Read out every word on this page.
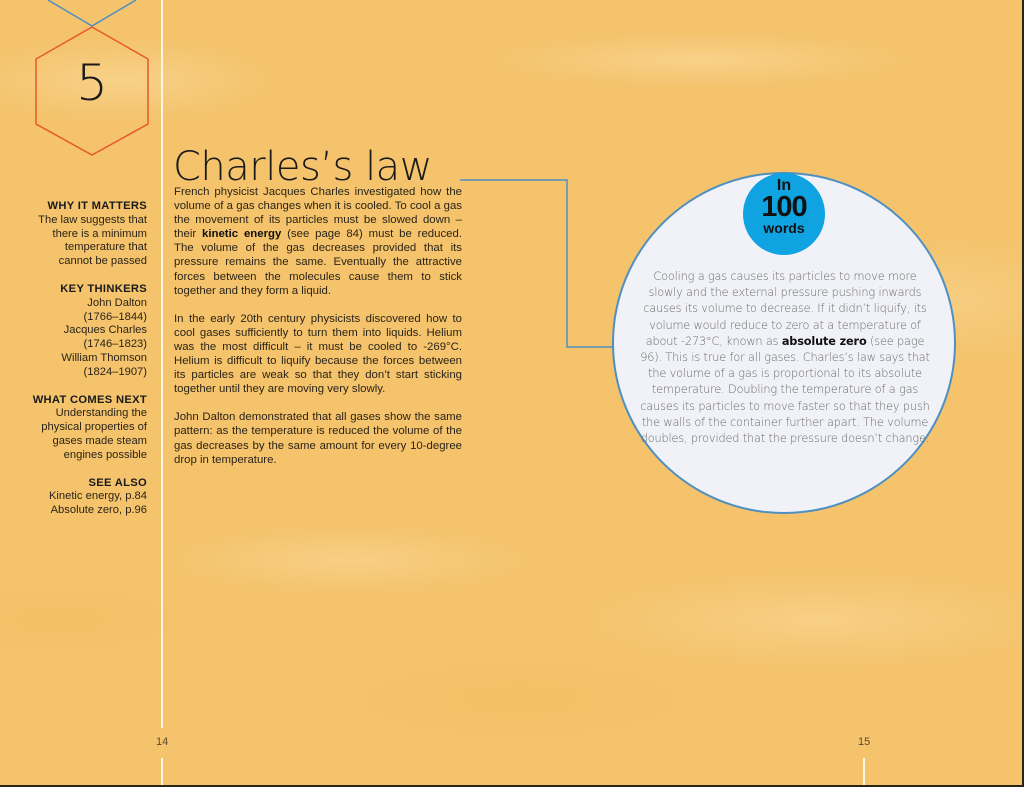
5
WHY IT MATTERS
The law suggests that
there is a minimum
temperature that
cannot be passed
KEY THINKERS
John Dalton
(1766–1844)
Jacques Charles
(1746–1823)
William Thomson
(1824–1907)
WHAT COMES NEXT
Understanding the
physical properties of
gases made steam
engines possible
SEE ALSO
Kinetic energy, p.84
Absolute zero, p.96
Charles’s law

French physicist Jacques Charles investigated how the volume of a gas changes when it is cooled. To cool a gas the movement of its particles must be slowed down – their kinetic energy (see page 84) must be reduced. The volume of the gas decreases provided that its pressure remains the same. Eventually the attractive forces between the molecules cause them to stick together and they form a liquid.

In the early 20th century physicists discovered how to cool gases sufficiently to turn them into liquids. Helium was the most difficult – it must be cooled to -269°C. Helium is difficult to liquify because the forces between its particles are weak so that they don’t start sticking together until they are moving very slowly.

John Dalton demonstrated that all gases show the same pattern: as the temperature is reduced the volume of the gas decreases by the same amount for every 10-degree drop in temperature.

In
100
words
Cooling a gas causes its particles to move more slowly and the external pressure pushing inwards causes its volume to decrease. If it didn’t liquify, its volume would reduce to zero at a temperature of about -273°C, known as absolute zero (see page 96). This is true for all gases. Charles’s law says that the volume of a gas is proportional to its absolute temperature. Doubling the temperature of a gas causes its particles to move faster so that they push the walls of the container further apart. The volume doubles, provided that the pressure doesn’t change.
14	15
